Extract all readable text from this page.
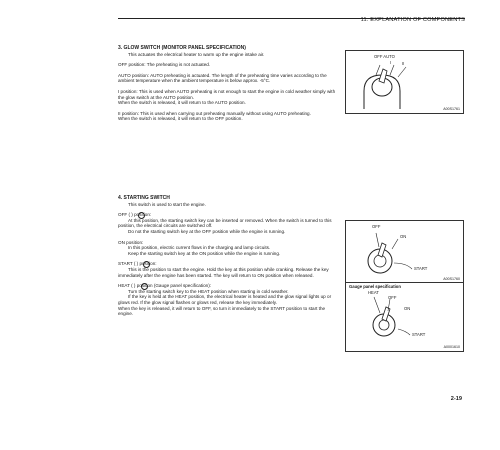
11. EXPLANATION OF COMPONENTS

3. GLOW SWITCH (MONITOR PANEL SPECIFICATION)

This actuates the electrical heater to warm up the engine intake air.

OFF position: The preheating is not actuated.

AUTO position: AUTO preheating is actuated. The length of the preheating time varies according to the ambient temperature when the ambient temperature is below approx. -5°C.

I position: This is used when AUTO preheating is not enough to start the engine in cold weather simply with the glow switch at the AUTO position.

When the switch is released, it will return to the AUTO position.

II position: This is used when carrying out preheating manually without using AUTO preheating.

When the switch is released, it will return to the OFF position.

OFF AUTO
I	II
A00S1761

4. STARTING SWITCH

This switch is used to start the engine.

OFF ( ) position:

At this position, the starting switch key can be inserted or removed. When the switch is turned to this position, the electrical circuits are switched off.

Do not the starting switch key at the OFF position while the engine is running.

ON position:

In this position, electric current flows in the charging and lamp circuits.

Keep the starting switch key at the ON position while the engine is running.

START ( ) position:

This is the position to start the engine. Hold the key at this position while cranking. Release the key immediately after the engine has been started. The key will return to ON position when released.

HEAT ( ) position (Gauge panel specification):

Turn the starting switch key to the HEAT position when starting in cold weather.

If the key is held at the HEAT position, the electrical heater is heated and the glow signal lights up or glows red. If the glow signal flashes or glows red, release the key immediately.

When the key is released, it will return to OFF, so turn it immediately to the START position to start the engine.

OFF
ON
START
A00S1760
Gauge panel specification
HEAT
OFF
ON
START
A0001610
2-19
